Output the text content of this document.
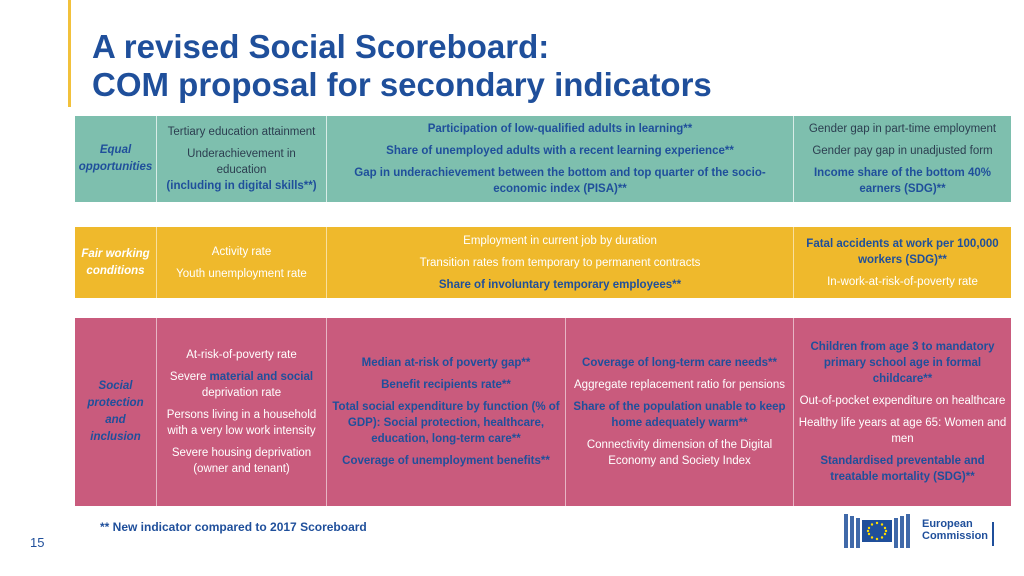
A revised Social Scoreboard:
COM proposal for secondary indicators
Equal
opportunities
Tertiary education attainment
Underachievement in
education
(including in digital skills**)
Participation of low-qualified adults in learning**
Share of unemployed adults with a recent learning experience**
Gap in underachievement between the bottom and top quarter of the socio-economic index (PISA)**
Gender gap in part-time employment
Gender pay gap in unadjusted form
Income share of the bottom 40% earners (SDG)**
Fair working
conditions
Activity rate
Youth unemployment rate
Employment in current job by duration
Transition rates from temporary to permanent contracts
Share of involuntary temporary employees**
Fatal accidents at work per 100,000 workers (SDG)**
In-work-at-risk-of-poverty rate
Social
protection
and inclusion
At-risk-of-poverty rate
Severe material and social
deprivation rate
Persons living in a household with a very low work intensity
Severe housing deprivation (owner and tenant)
Median at-risk of poverty gap**
Benefit recipients rate**
Total social expenditure by function (% of GDP): Social protection, healthcare, education, long-term care**
Coverage of unemployment benefits**
Coverage of long-term care needs**
Aggregate replacement ratio for pensions
Share of the population unable to keep home adequately warm**
Connectivity dimension of the Digital Economy and Society Index
Children from age 3 to mandatory primary school age in formal childcare**
Out-of-pocket expenditure on healthcare
Healthy life years at age 65: Women and men
Standardised preventable and treatable mortality (SDG)**
** New indicator compared to 2017 Scoreboard
15
European
Commission
